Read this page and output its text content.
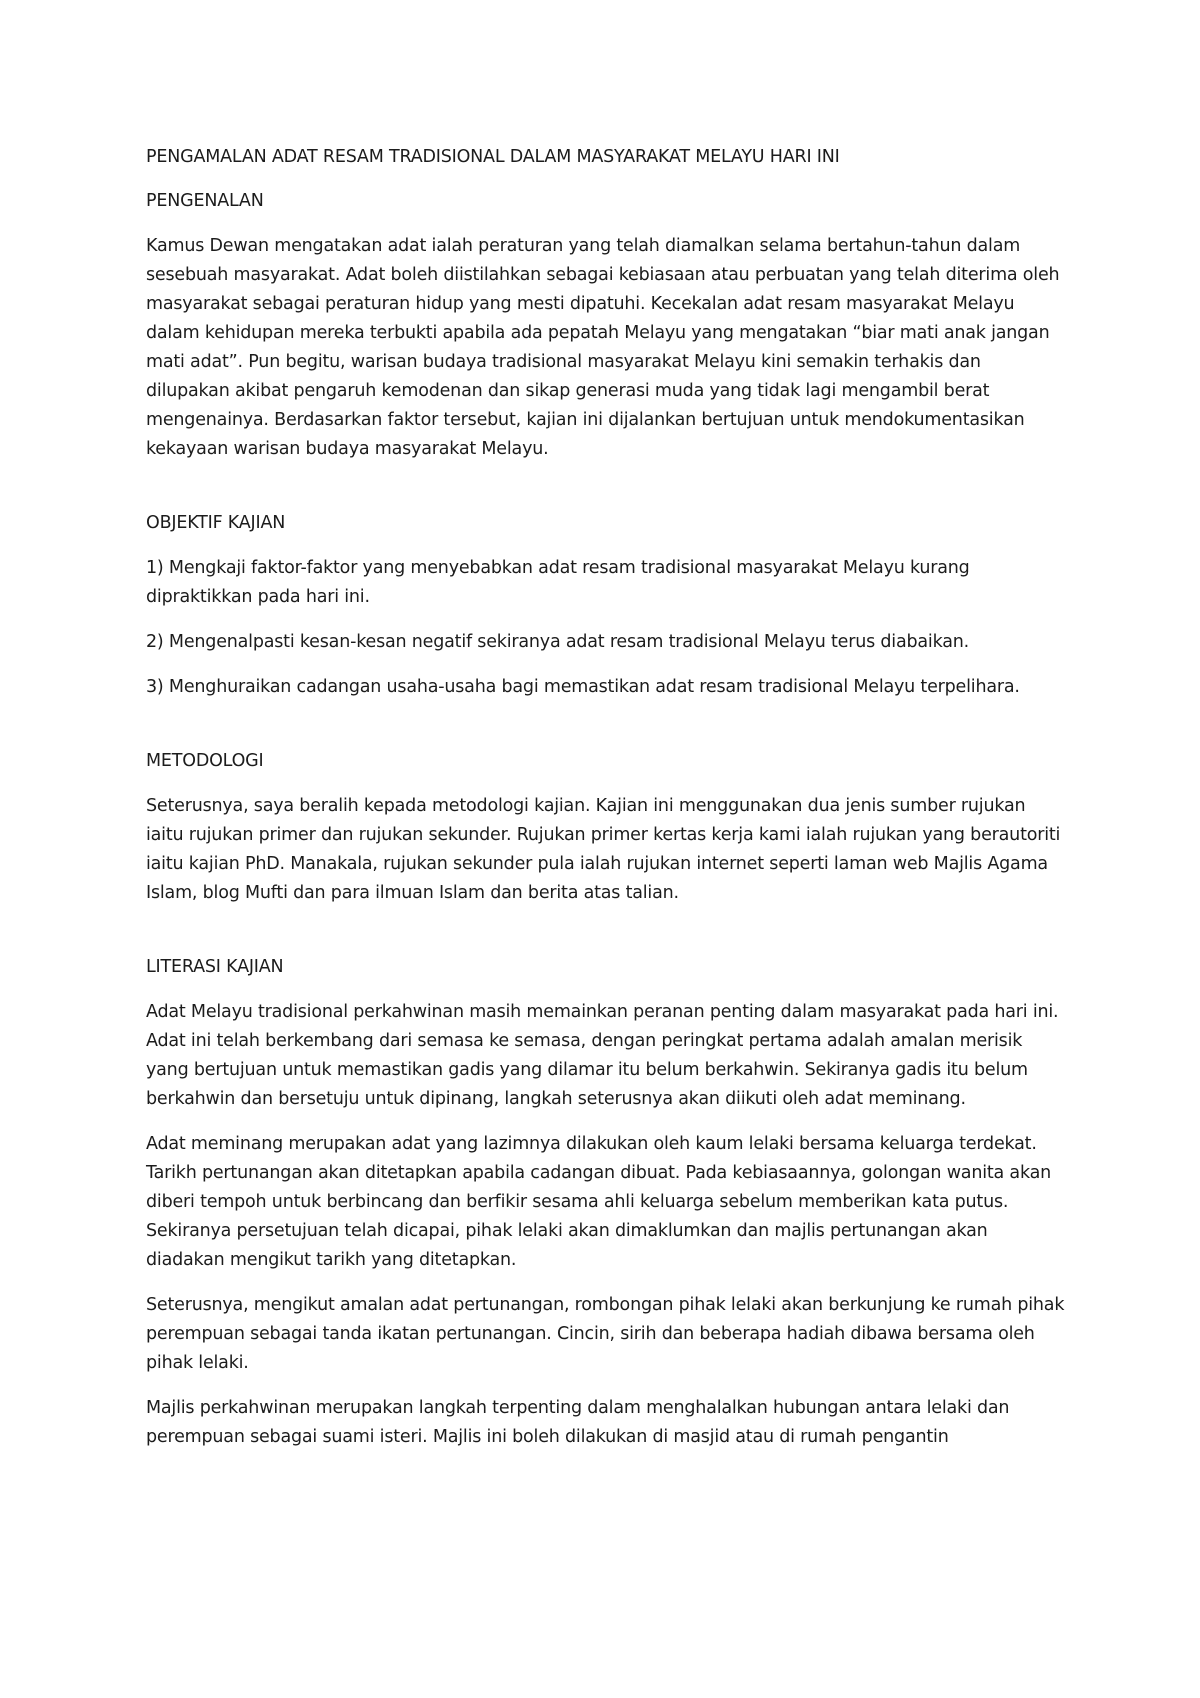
PENGAMALAN ADAT RESAM TRADISIONAL DALAM MASYARAKAT MELAYU HARI INI

PENGENALAN

Kamus Dewan mengatakan adat ialah peraturan yang telah diamalkan selama bertahun-tahun dalam sesebuah masyarakat. Adat boleh diistilahkan sebagai kebiasaan atau perbuatan yang telah diterima oleh masyarakat sebagai peraturan hidup yang mesti dipatuhi. Kecekalan adat resam masyarakat Melayu dalam kehidupan mereka terbukti apabila ada pepatah Melayu yang mengatakan “biar mati anak jangan mati adat”. Pun begitu, warisan budaya tradisional masyarakat Melayu kini semakin terhakis dan dilupakan akibat pengaruh kemodenan dan sikap generasi muda yang tidak lagi mengambil berat mengenainya. Berdasarkan faktor tersebut, kajian ini dijalankan bertujuan untuk mendokumentasikan kekayaan warisan budaya masyarakat Melayu.

OBJEKTIF KAJIAN

1) Mengkaji faktor-faktor yang menyebabkan adat resam tradisional masyarakat Melayu kurang dipraktikkan pada hari ini.

2) Mengenalpasti kesan-kesan negatif sekiranya adat resam tradisional Melayu terus diabaikan.

3) Menghuraikan cadangan usaha-usaha bagi memastikan adat resam tradisional Melayu terpelihara.

METODOLOGI

Seterusnya, saya beralih kepada metodologi kajian. Kajian ini menggunakan dua jenis sumber rujukan iaitu rujukan primer dan rujukan sekunder. Rujukan primer kertas kerja kami ialah rujukan yang berautoriti iaitu kajian PhD. Manakala, rujukan sekunder pula ialah rujukan internet seperti laman web Majlis Agama Islam, blog Mufti dan para ilmuan Islam dan berita atas talian.

LITERASI KAJIAN

Adat Melayu tradisional perkahwinan masih memainkan peranan penting dalam masyarakat pada hari ini. Adat ini telah berkembang dari semasa ke semasa, dengan peringkat pertama adalah amalan merisik yang bertujuan untuk memastikan gadis yang dilamar itu belum berkahwin. Sekiranya gadis itu belum berkahwin dan bersetuju untuk dipinang, langkah seterusnya akan diikuti oleh adat meminang.

Adat meminang merupakan adat yang lazimnya dilakukan oleh kaum lelaki bersama keluarga terdekat. Tarikh pertunangan akan ditetapkan apabila cadangan dibuat. Pada kebiasaannya, golongan wanita akan diberi tempoh untuk berbincang dan berfikir sesama ahli keluarga sebelum memberikan kata putus. Sekiranya persetujuan telah dicapai, pihak lelaki akan dimaklumkan dan majlis pertunangan akan diadakan mengikut tarikh yang ditetapkan.

Seterusnya, mengikut amalan adat pertunangan, rombongan pihak lelaki akan berkunjung ke rumah pihak perempuan sebagai tanda ikatan pertunangan. Cincin, sirih dan beberapa hadiah dibawa bersama oleh pihak lelaki.

Majlis perkahwinan merupakan langkah terpenting dalam menghalalkan hubungan antara lelaki dan perempuan sebagai suami isteri. Majlis ini boleh dilakukan di masjid atau di rumah pengantin
